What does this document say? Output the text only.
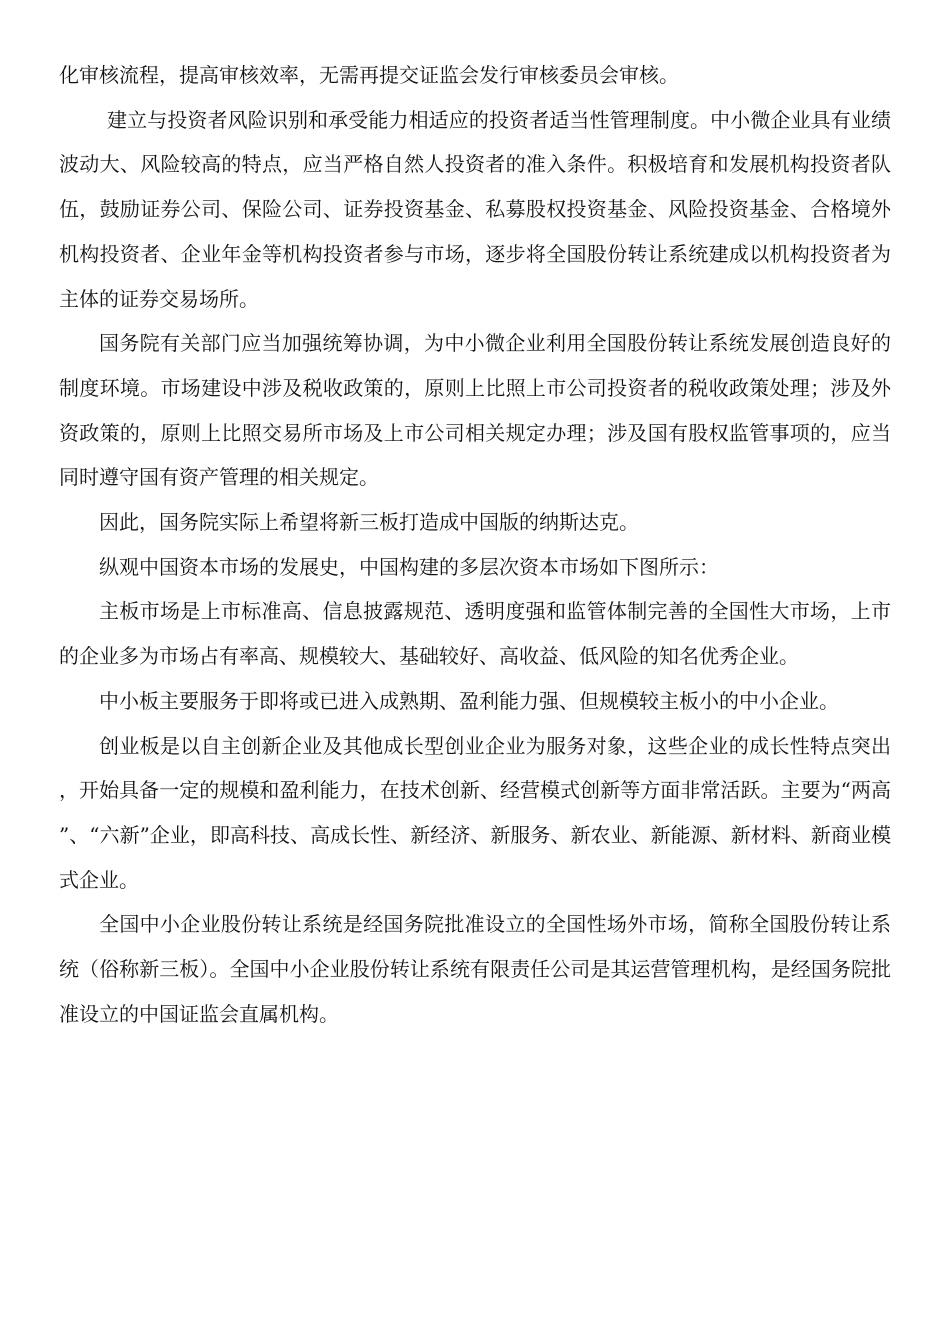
化审核流程，提高审核效率，无需再提交证监会发行审核委员会审核。

建立与投资者风险识别和承受能力相适应的投资者适当性管理制度。中小微企业具有业绩波动大、风险较高的特点，应当严格自然人投资者的准入条件。积极培育和发展机构投资者队伍，鼓励证券公司、保险公司、证券投资基金、私募股权投资基金、风险投资基金、合格境外机构投资者、企业年金等机构投资者参与市场，逐步将全国股份转让系统建成以机构投资者为主体的证券交易场所。

国务院有关部门应当加强统筹协调，为中小微企业利用全国股份转让系统发展创造良好的制度环境。市场建设中涉及税收政策的，原则上比照上市公司投资者的税收政策处理；涉及外资政策的，原则上比照交易所市场及上市公司相关规定办理；涉及国有股权监管事项的，应当同时遵守国有资产管理的相关规定。

因此，国务院实际上希望将新三板打造成中国版的纳斯达克。

纵观中国资本市场的发展史，中国构建的多层次资本市场如下图所示：

主板市场是上市标准高、信息披露规范、透明度强和监管体制完善的全国性大市场，上市的企业多为市场占有率高、规模较大、基础较好、高收益、低风险的知名优秀企业。

中小板主要服务于即将或已进入成熟期、盈利能力强、但规模较主板小的中小企业。

创业板是以自主创新企业及其他成长型创业企业为服务对象，这些企业的成长性特点突出，开始具备一定的规模和盈利能力，在技术创新、经营模式创新等方面非常活跃。主要为“两高”、“六新”企业，即高科技、高成长性、新经济、新服务、新农业、新能源、新材料、新商业模式企业。

全国中小企业股份转让系统是经国务院批准设立的全国性场外市场，简称全国股份转让系统（俗称新三板）。全国中小企业股份转让系统有限责任公司是其运营管理机构，是经国务院批准设立的中国证监会直属机构。
